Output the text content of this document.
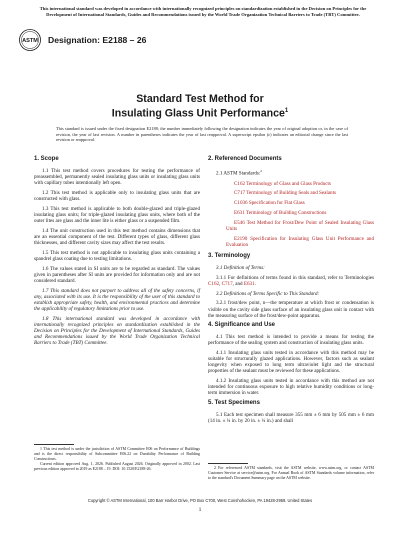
This international standard was developed in accordance with internationally recognized principles on standardization established in the Decision on Principles for the Development of International Standards, Guides and Recommendations issued by the World Trade Organization Technical Barriers to Trade (TBT) Committee.
ASTM Designation: E2188 – 26
Standard Test Method for
Insulating Glass Unit Performance$^1$
This standard is issued under the fixed designation E2188; the number immediately following the designation indicates the year of original adoption or, in the case of revision, the year of last revision. A number in parentheses indicates the year of last reapproval. A superscript epsilon (ε) indicates an editorial change since the last revision or reapproval.
1. Scope

1.1 This test method covers procedures for testing the performance of preassembled, permanently sealed insulating glass units or insulating glass units with capillary tubes intentionally left open.

1.2 This test method is applicable only to insulating glass units that are constructed with glass.

1.3 This test method is applicable to both double-glazed and triple-glazed insulating glass units; for triple-glazed insulating glass units, where both of the outer lites are glass and the inner lite is either glass or a suspended film.

1.4 The unit construction used in this test method contains dimensions that are an essential component of the test. Different types of glass, different glass thicknesses, and different cavity sizes may affect the test results.

1.5 This test method is not applicable to insulating glass units containing a spandrel glass coating due to testing limitations.

1.6 The values stated in SI units are to be regarded as standard. The values given in parentheses after SI units are provided for information only and are not considered standard.

1.7 This standard does not purport to address all of the safety concerns, if any, associated with its use. It is the responsibility of the user of this standard to establish appropriate safety, health, and environmental practices and determine the applicability of regulatory limitations prior to use.

1.8 This international standard was developed in accordance with internationally recognized principles on standardization established in the Decision on Principles for the Development of International Standards, Guides and Recommendations issued by the World Trade Organization Technical Barriers to Trade (TBT) Committee.

2. Referenced Documents

2.1 ASTM Standards:$^2$

C162 Terminology of Glass and Glass Products

C717 Terminology of Building Seals and Sealants

C1036 Specification for Flat Glass

E631 Terminology of Building Constructions

E546 Test Method for Frost/Dew Point of Sealed Insulating Glass Units

E2190 Specification for Insulating Glass Unit Performance and Evaluation

3. Terminology

3.1 Definition of Terms:

3.1.1 For definitions of terms found in this standard, refer to Terminologies C162, C717, and E631.

3.2 Definitions of Terms Specific to This Standard:

3.2.1 frost/dew point, n—the temperature at which frost or condensation is visible on the cavity side glass surface of an insulating glass unit in contact with the measuring surface of the frost/dew-point apparatus.

4. Significance and Use

4.1 This test method is intended to provide a means for testing the performance of the sealing system and construction of insulating glass units.

4.1.1 Insulating glass units tested in accordance with this method may be suitable for structurally glazed applications. However, factors such as sealant longevity when exposed to long term ultraviolet light and the structural properties of the sealant must be reviewed for these applications.

4.1.2 Insulating glass units tested in accordance with this method are not intended for continuous exposure to high relative humidity conditions or long-term immersion in water.

5. Test Specimens

5.1 Each test specimen shall measure 355 mm ± 6 mm by 505 mm ± 6 mm (14 in. ± ¼ in. by 20 in. ± ¼ in.) and shall

1 This test method is under the jurisdiction of ASTM Committee E06 on Performance of Buildings and is the direct responsibility of Subcommittee E06.22 on Durability Performance of Building Constructions.

Current edition approved Aug. 1, 2026. Published August 2026. Originally approved in 2002. Last previous edition approved in 2019 as E2188 – 19. DOI: 10.1520/E2188-26.	2 For referenced ASTM standards, visit the ASTM website, www.astm.org, or contact ASTM Customer Service at service@astm.org. For Annual Book of ASTM Standards volume information, refer to the standard's Document Summary page on the ASTM website.

Copyright © ASTM International, 100 Barr Harbor Drive, PO Box C700, West Conshohocken, PA 19428-2959. United States
1
